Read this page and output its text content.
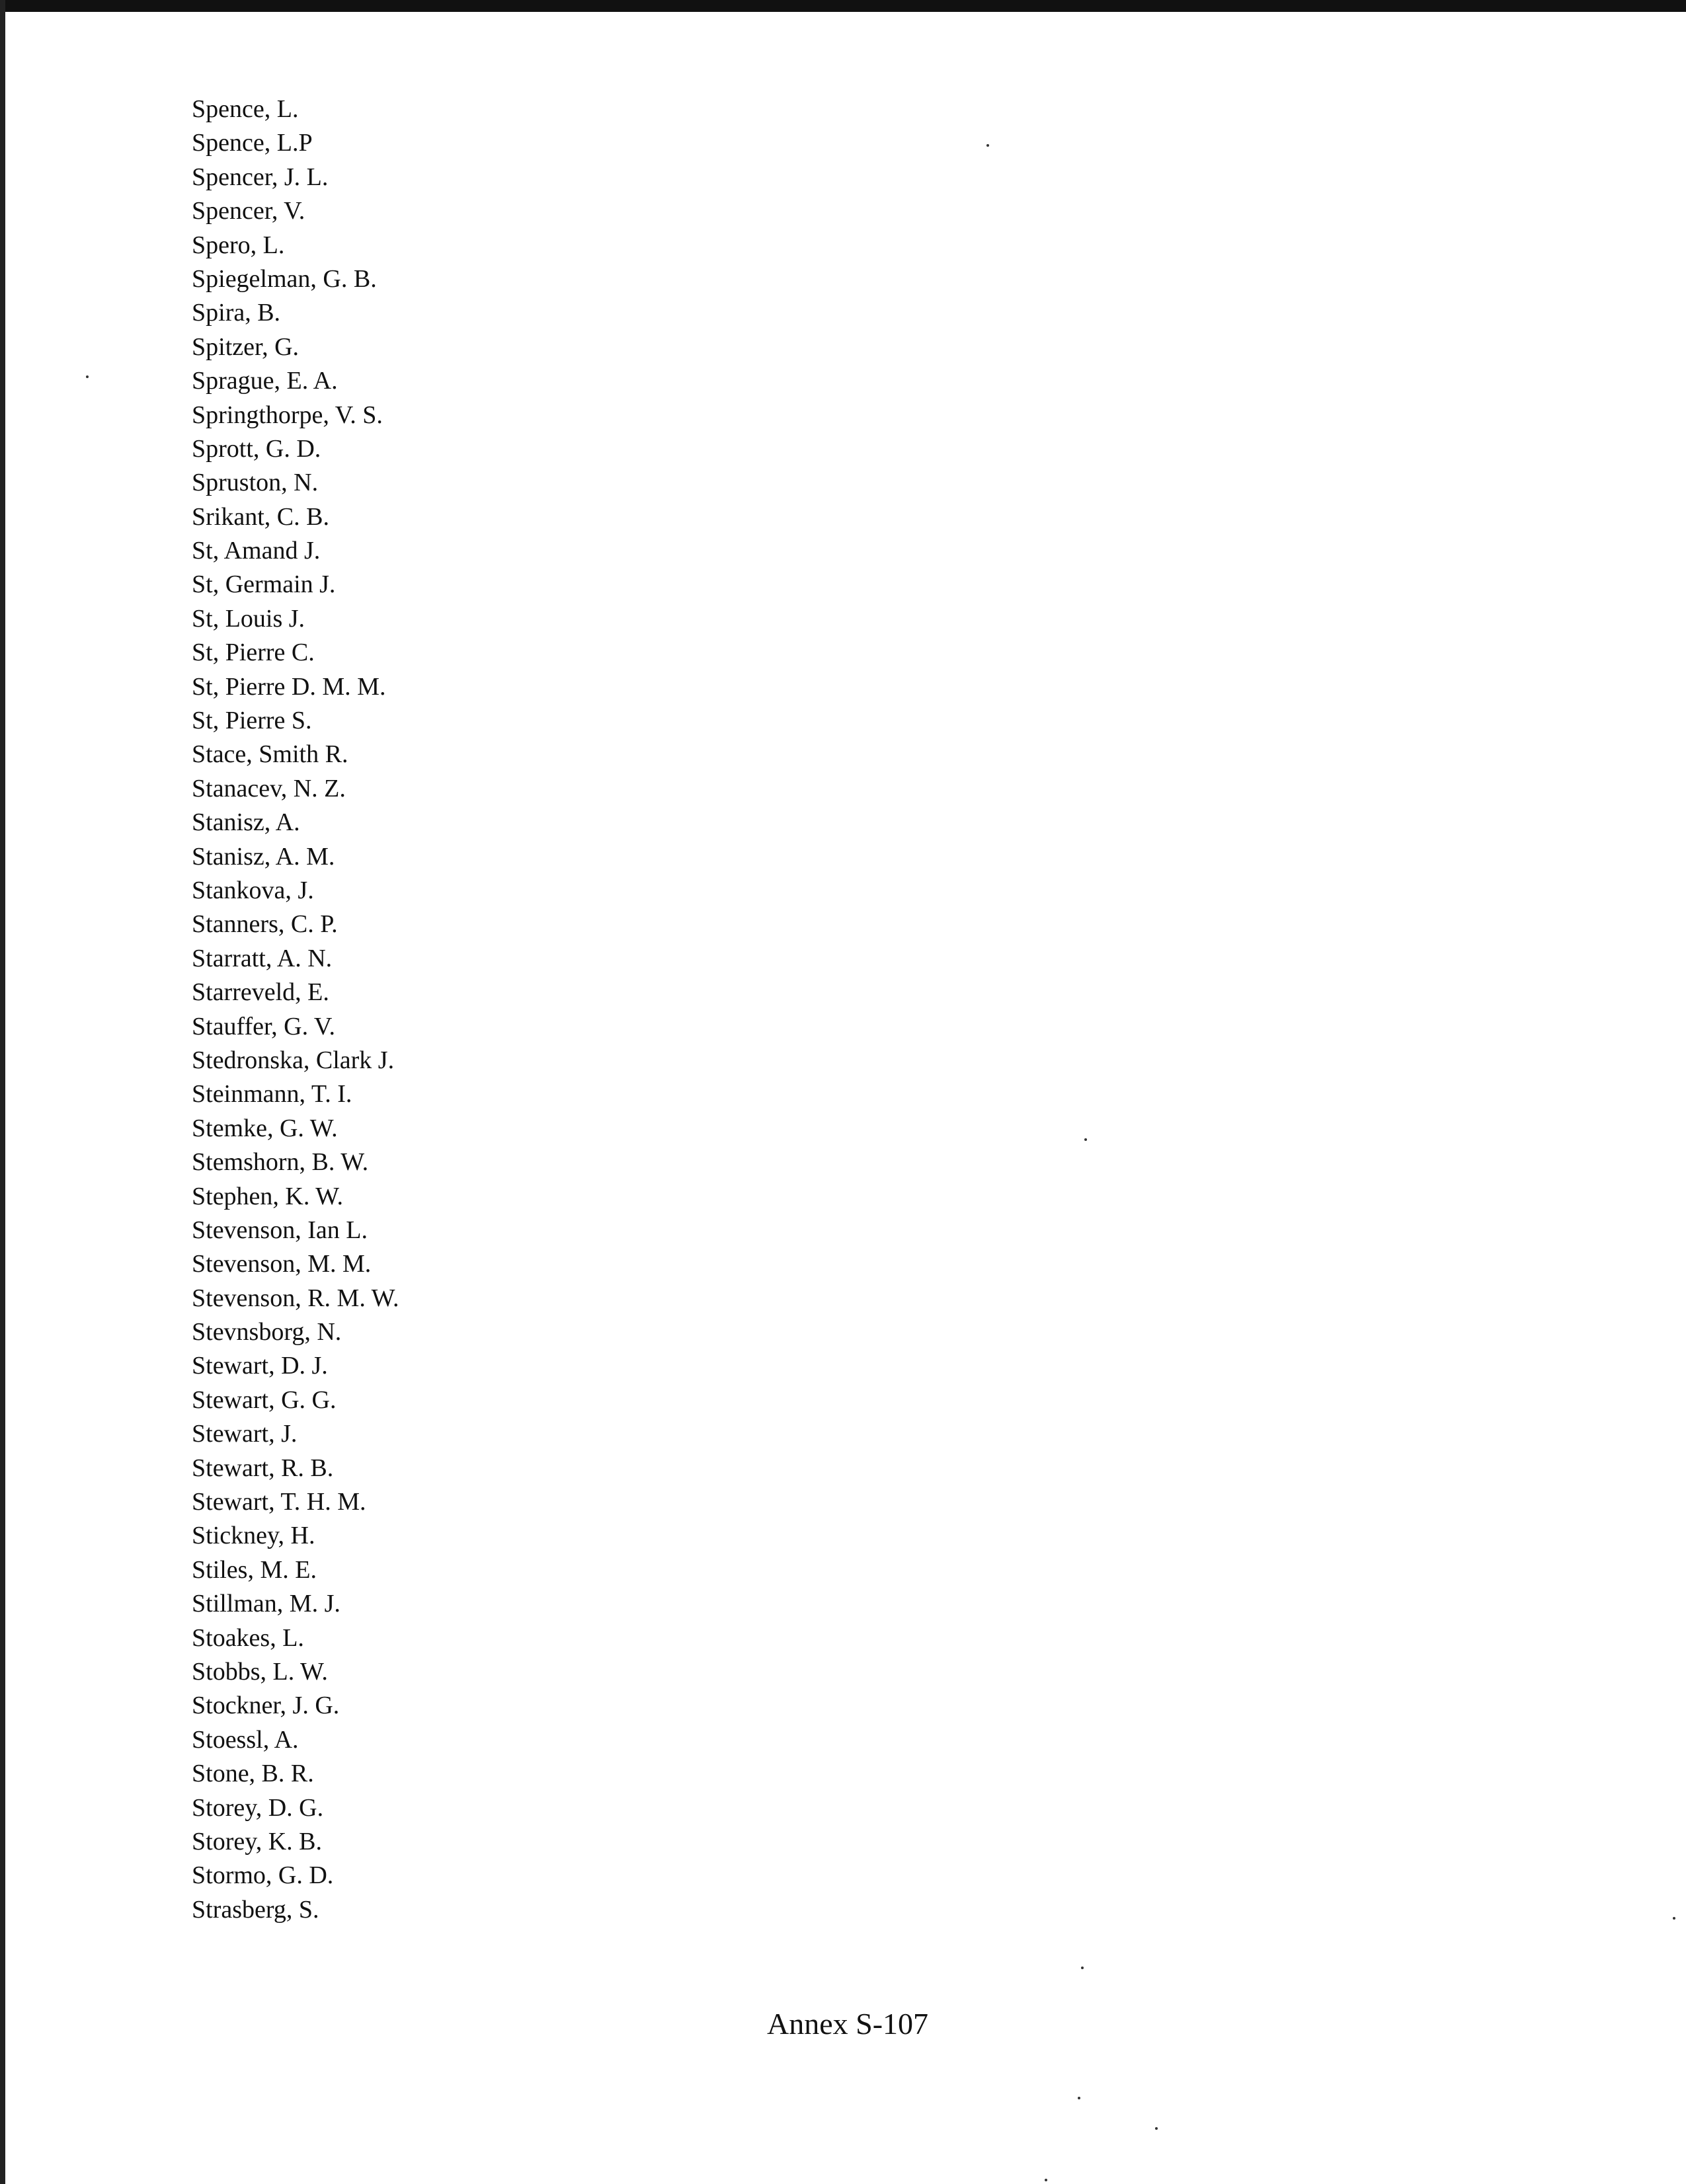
Spence, L.
Spence, L.P
Spencer, J. L.
Spencer, V.
Spero, L.
Spiegelman, G. B.
Spira, B.
Spitzer, G.
Sprague, E. A.
Springthorpe, V. S.
Sprott, G. D.
Spruston, N.
Srikant, C. B.
St, Amand J.
St, Germain J.
St, Louis J.
St, Pierre C.
St, Pierre D. M. M.
St, Pierre S.
Stace, Smith R.
Stanacev, N. Z.
Stanisz, A.
Stanisz, A. M.
Stankova, J.
Stanners, C. P.
Starratt, A. N.
Starreveld, E.
Stauffer, G. V.
Stedronska, Clark J.
Steinmann, T. I.
Stemke, G. W.
Stemshorn, B. W.
Stephen, K. W.
Stevenson, Ian L.
Stevenson, M. M.
Stevenson, R. M. W.
Stevnsborg, N.
Stewart, D. J.
Stewart, G. G.
Stewart, J.
Stewart, R. B.
Stewart, T. H. M.
Stickney, H.
Stiles, M. E.
Stillman, M. J.
Stoakes, L.
Stobbs, L. W.
Stockner, J. G.
Stoessl, A.
Stone, B. R.
Storey, D. G.
Storey, K. B.
Stormo, G. D.
Strasberg, S.
Annex S-107
